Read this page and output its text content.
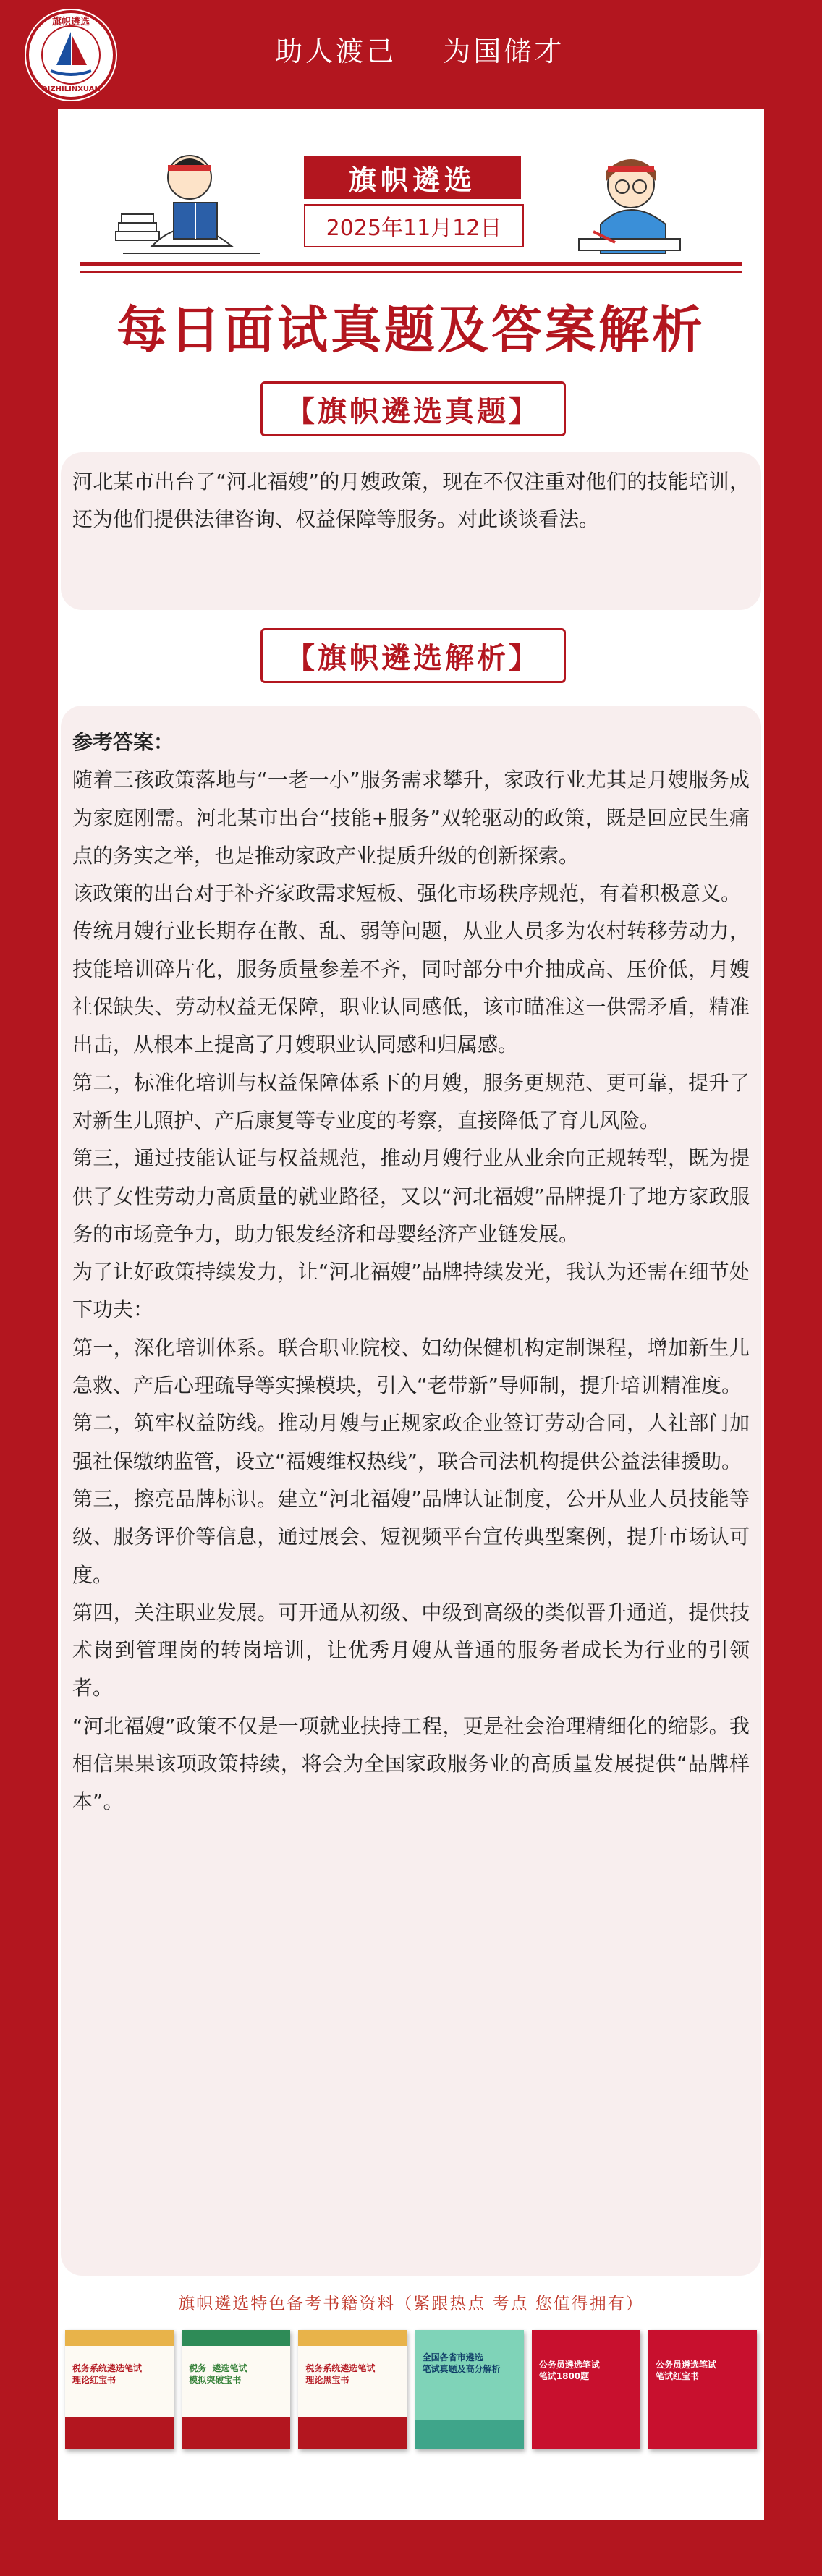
旗帜遴选
QIZHILINXUAN
助人渡己    为国储才
旗帜遴选
2025年11月12日
每日面试真题及答案解析
【旗帜遴选真题】
河北某市出台了“河北福嫂”的月嫂政策，现在不仅注重对他们的技能培训，还为他们提供法律咨询、权益保障等服务。对此谈谈看法。
【旗帜遴选解析】

参考答案：

随着三孩政策落地与“一老一小”服务需求攀升，家政行业尤其是月嫂服务成为家庭刚需。河北某市出台“技能+服务”双轮驱动的政策，既是回应民生痛点的务实之举，也是推动家政产业提质升级的创新探索。

该政策的出台对于补齐家政需求短板、强化市场秩序规范，有着积极意义。

传统月嫂行业长期存在散、乱、弱等问题，从业人员多为农村转移劳动力，技能培训碎片化，服务质量参差不齐，同时部分中介抽成高、压价低，月嫂社保缺失、劳动权益无保障，职业认同感低，该市瞄准这一供需矛盾，精准出击，从根本上提高了月嫂职业认同感和归属感。

第二，标准化培训与权益保障体系下的月嫂，服务更规范、更可靠，提升了对新生儿照护、产后康复等专业度的考察，直接降低了育儿风险。

第三，通过技能认证与权益规范，推动月嫂行业从业余向正规转型，既为提供了女性劳动力高质量的就业路径，又以“河北福嫂”品牌提升了地方家政服务的市场竞争力，助力银发经济和母婴经济产业链发展。

为了让好政策持续发力，让“河北福嫂”品牌持续发光，我认为还需在细节处下功夫：

第一，深化培训体系。联合职业院校、妇幼保健机构定制课程，增加新生儿急救、产后心理疏导等实操模块，引入“老带新”导师制，提升培训精准度。

第二，筑牢权益防线。推动月嫂与正规家政企业签订劳动合同，人社部门加强社保缴纳监管，设立“福嫂维权热线”，联合司法机构提供公益法律援助。

第三，擦亮品牌标识。建立“河北福嫂”品牌认证制度，公开从业人员技能等级、服务评价等信息，通过展会、短视频平台宣传典型案例，提升市场认可度。

第四，关注职业发展。可开通从初级、中级到高级的类似晋升通道，提供技术岗到管理岗的转岗培训，让优秀月嫂从普通的服务者成长为行业的引领者。

“河北福嫂”政策不仅是一项就业扶持工程，更是社会治理精细化的缩影。我相信果果该项政策持续，将会为全国家政服务业的高质量发展提供“品牌样本”。

旗帜遴选特色备考书籍资料（紧跟热点 考点 您值得拥有）
税务系统遴选笔试
理论红宝书
税务  遴选笔试
模拟突破宝书
税务系统遴选笔试
理论黑宝书
全国各省市遴选
笔试真题及高分解析	公务员遴选笔试
笔试1800题
公务员遴选笔试
笔试红宝书
